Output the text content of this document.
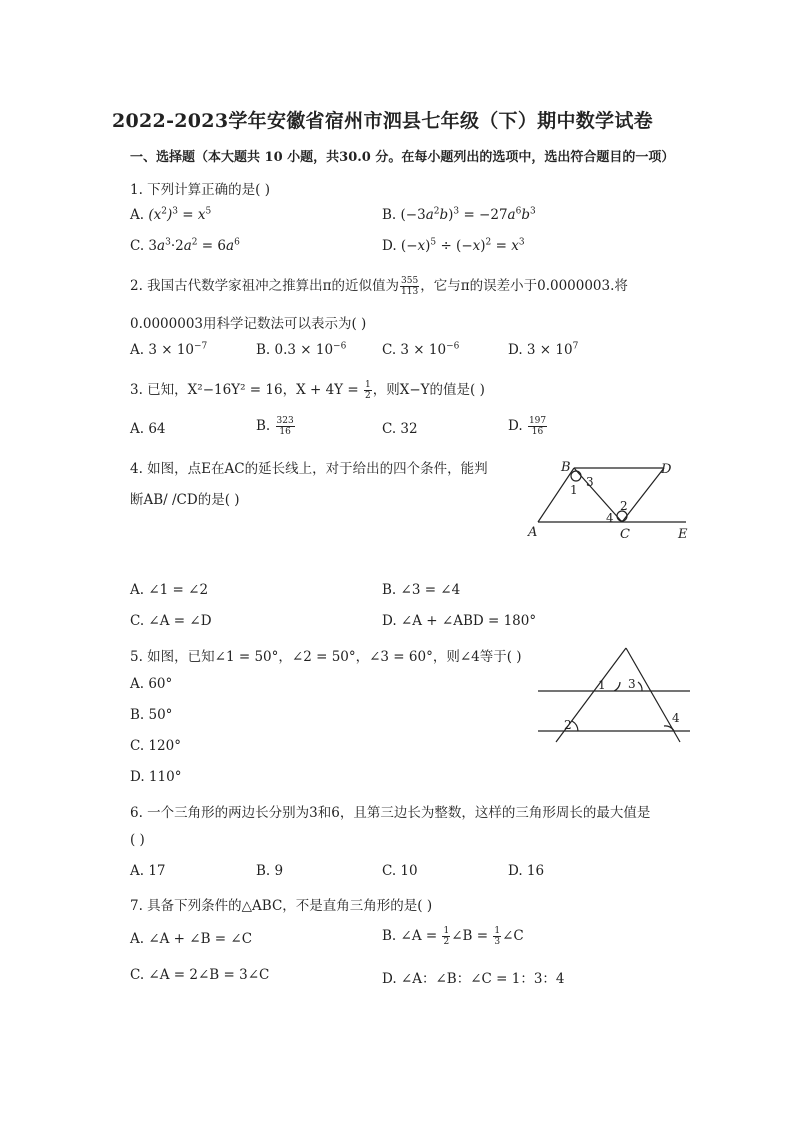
2022-2023学年安徽省宿州市泗县七年级（下）期中数学试卷
一、选择题（本大题共 10 小题，共30.0 分。在每小题列出的选项中，选出符合题目的一项）
1. 下列计算正确的是( )
A. $(x^2)^3 = x^5$	B. $(-3a^2b)^3 = -27a^6b^3$
C. $3a^3\cdot 2a^2 = 6a^6$	D. $(-x)^5 \div (-x)^2 = x^3$
2. 我国古代数学家祖冲之推算出π的近似值为 $\frac{355}{113}$ ，它与π的误差小于0.0000003.将
0.0000003用科学记数法可以表示为( )
A. $3 \times 10^{-7}$	B. $0.3 \times 10^{-6}$	C. $3 \times 10^{-6}$	D. $3 \times 10^7$
3. 已知，X²−16Y² = 16，$X + 4Y = \frac{1}{2}$ ，则X−Y的值是( )
A. 64	B. $\frac{323}{16}$	C. 32	D. $\frac{197}{16}$
4. 如图，点E在AC的延长线上，对于给出的四个条件，能判
断AB/ /CD的是( )
B	D
A	C	E
1
3
2
4
A. ∠1 = ∠2	B. ∠3 = ∠4
C. ∠A = ∠D	D. ∠A + ∠ABD = 180°
5. 如图，已知∠1 = 50°，∠2 = 50°，∠3 = 60°，则∠4等于( )
A. 60°
B. 50°
C. 120°
D. 110°
1 3
2	4
6. 一个三角形的两边长分别为3和6，且第三边长为整数，这样的三角形周长的最大值是
( )
A. 17	B. 9	C. 10	D. 16
7. 具备下列条件的△ABC，不是直角三角形的是( )
A. ∠A + ∠B = ∠C	B. ∠A = $\frac{1}{2}$ ∠B = $\frac{1}{3}$ ∠C
C. ∠A = 2∠B = 3∠C	D. ∠A：∠B：∠C = 1：3：4
